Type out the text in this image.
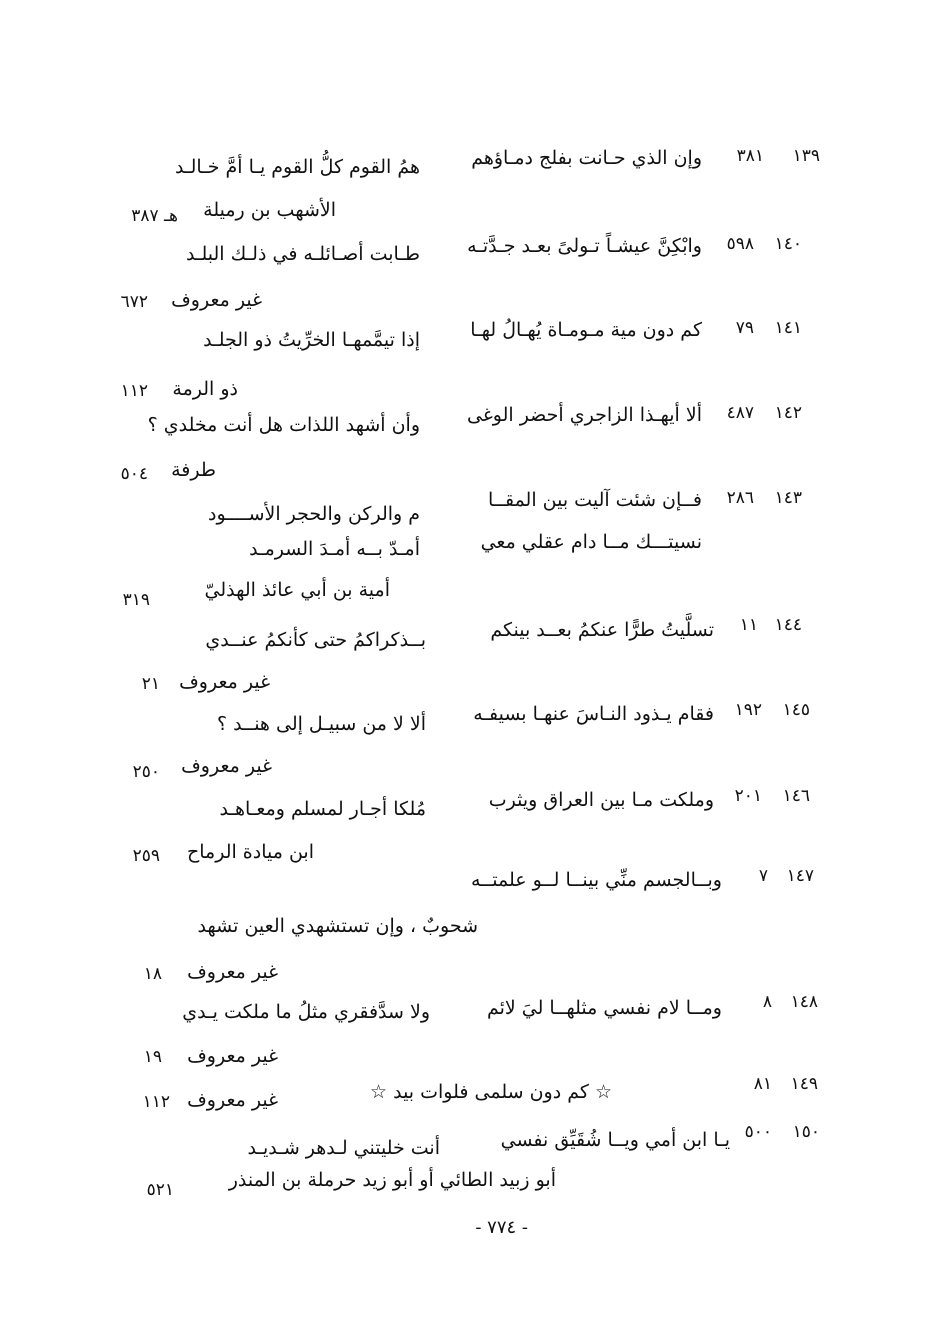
١٣٩
٣٨١
وإن الذي حـانت بفلج دمـاؤهم
همُ القوم كلُّ القوم يـا أمَّ خـالـد
الأشهب بن رميلة
هـ ٣٨٧
١٤٠
٥٩٨
وابْكِنَّ عيشـاً تـولىً بعـد جـدَّتـه
طـابت أصـائلـه في ذلـك البلـد
غير معروف
٦٧٢
١٤١
٧٩
كم دون مية مـومـاة يُهـالُ لهـا
إذا تيمَّمهـا الخرِّيتُ ذو الجلـد
ذو الرمة
١١٢
١٤٢
٤٨٧
ألا أيهـذا الزاجري أحضر الوغى
وأن أشهد اللذات هل أنت مخلدي ؟
طرفة
٥٠٤
١٤٣
٢٨٦
فــإن شئت آليت بين المقــا
م والركن والحجر الأســــود
نسيتـــك مــا دام عقلي معي
أمـدّ بــه أمـدَ السرمـد
أمية بن أبي عائذ الهذليّ
٣١٩
١٤٤
١١
تسلَّيتُ طرًّا عنكمُ بعــد بينكم
بــذكراكمُ حتى كأنكمُ عنــدي
غير معروف
٢١
١٤٥
١٩٢
فقام يـذود النـاسَ عنهـا بسيفـه
ألا لا من سبيـل إلى هنــد ؟
غير معروف
٢٥٠
١٤٦
٢٠١
وملكت مـا بين العراق ويثرب
مُلكا أجـار لمسلم ومعـاهـد
ابن ميادة الرماح
٢٥٩
١٤٧
٧
وبــالجسم منِّي بينــا لــو علمتــه
شحوبٌ ، وإن تستشهدي العين تشهد
غير معروف
١٨
١٤٨
٨
ومــا لام نفسي مثلهــا ليَ لائم
ولا سدَّفقري مثلُ ما ملكت يـدي
غير معروف
١٩
١٤٩
٨١
☆ كم دون سلمى فلوات بيد ☆
غير معروف
١١٢
١٥٠
٥٠٠
يـا ابن أمي ويــا شُقَيِّق نفسي
أنت خليتني لـدهر شـديـد
أبو زبيد الطائي أو أبو زيد حرملة بن المنذر
٥٢١
- ٧٧٤ -
